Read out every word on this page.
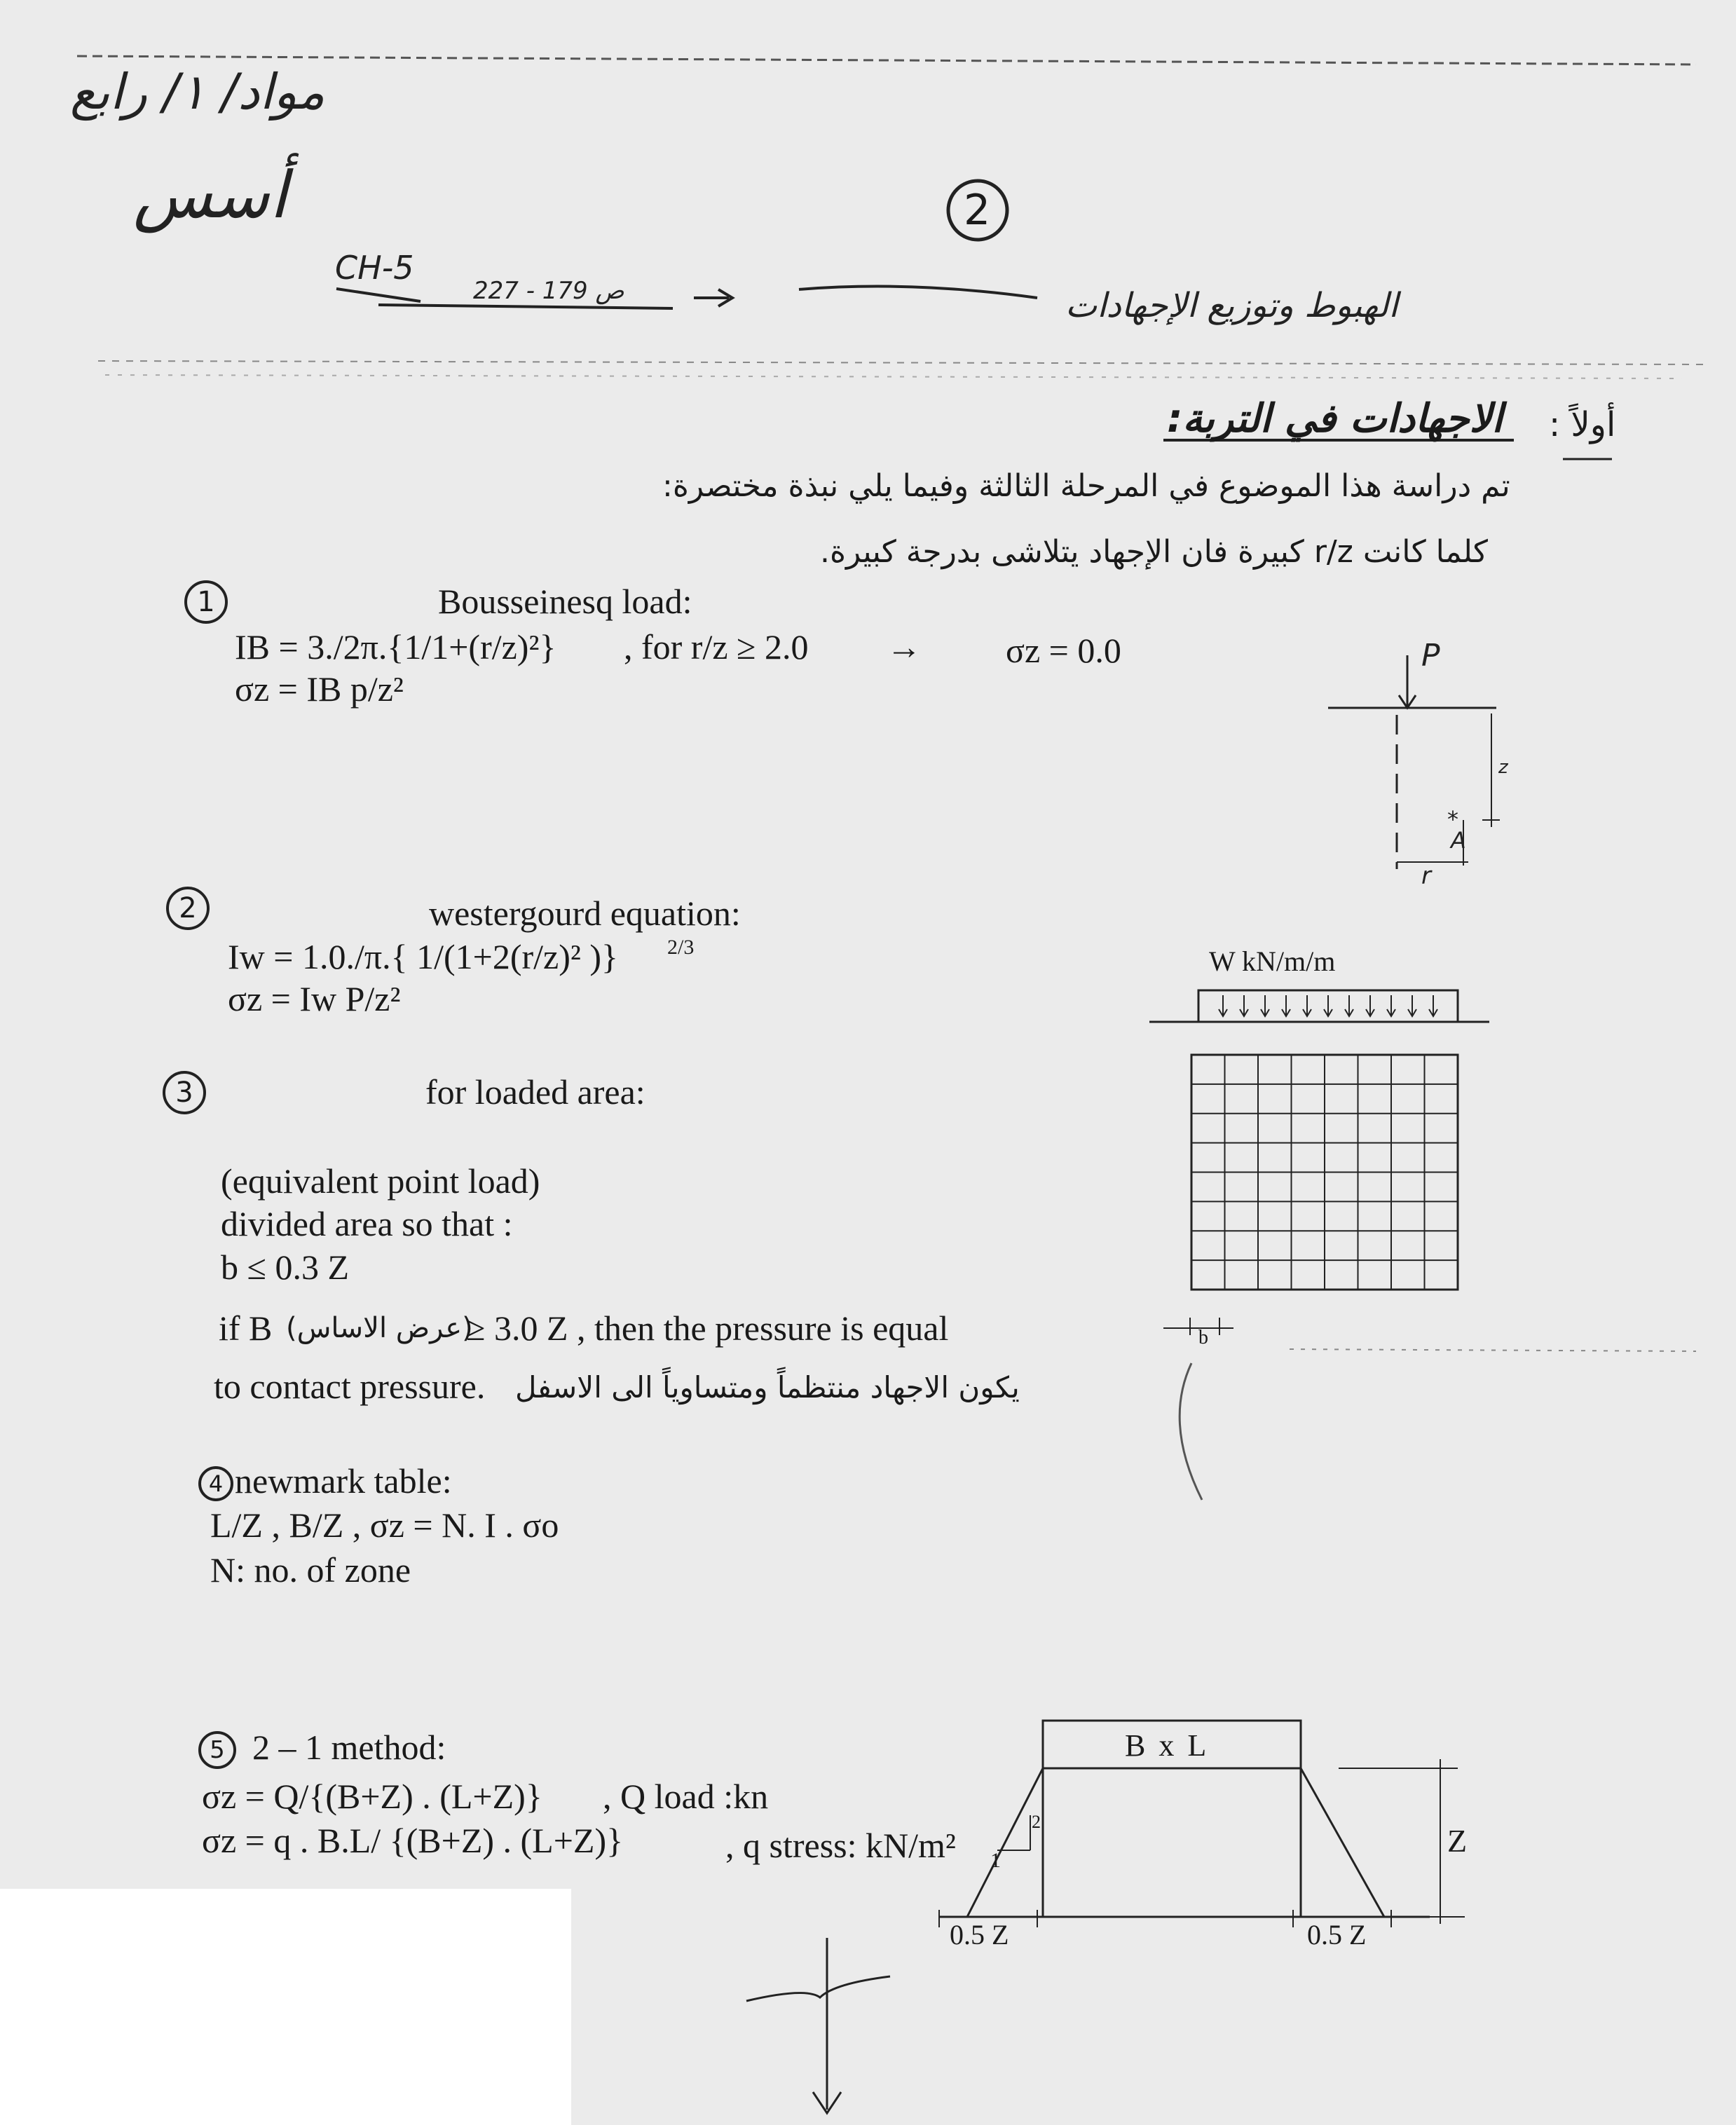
مواد/ ١/ رابع
أسس	2
CH-5
227 - 179 ص	الهبوط وتوزيع الإجهادات
أولاً :
الاجهادات في التربة:
تم دراسة هذا الموضوع في المرحلة الثالثة وفيما يلي نبذة مختصرة:
كلما كانت r/z كبيرة فان الإجهاد يتلاشى بدرجة كبيرة.
1	Bousseinesq load:
IB = 3./2π.{1/1+(r/z)²} , for r/z ≥ 2.0 → σz = 0.0
σz = IB p/z²
P
z
*
A
r
2	westergourd equation:
Iw = 1.0./π.{ 1/(1+2(r/z)² )} 2/3
σz = Iw P/z²
W kN/m/m
b
3	for loaded area:
(equivalent point load)
divided area so that :
b ≤ 0.3 Z
if B (عرض الاساس)
≥ 3.0 Z , then the pressure is equal
to contact pressure. يكون الاجهاد منتظماً ومتساوياً الى الاسفل
4 newmark table:
L/Z , B/Z , σz = N. I . σo
N: no. of zone
5 2 – 1 method:
σz = Q/{(B+Z) . (L+Z)} , Q load :kn
σz = q . B.L/ {(B+Z) . (L+Z)}	, q stress: kN/m²
B x L
Z
0.5 Z	0.5 Z
2
1
